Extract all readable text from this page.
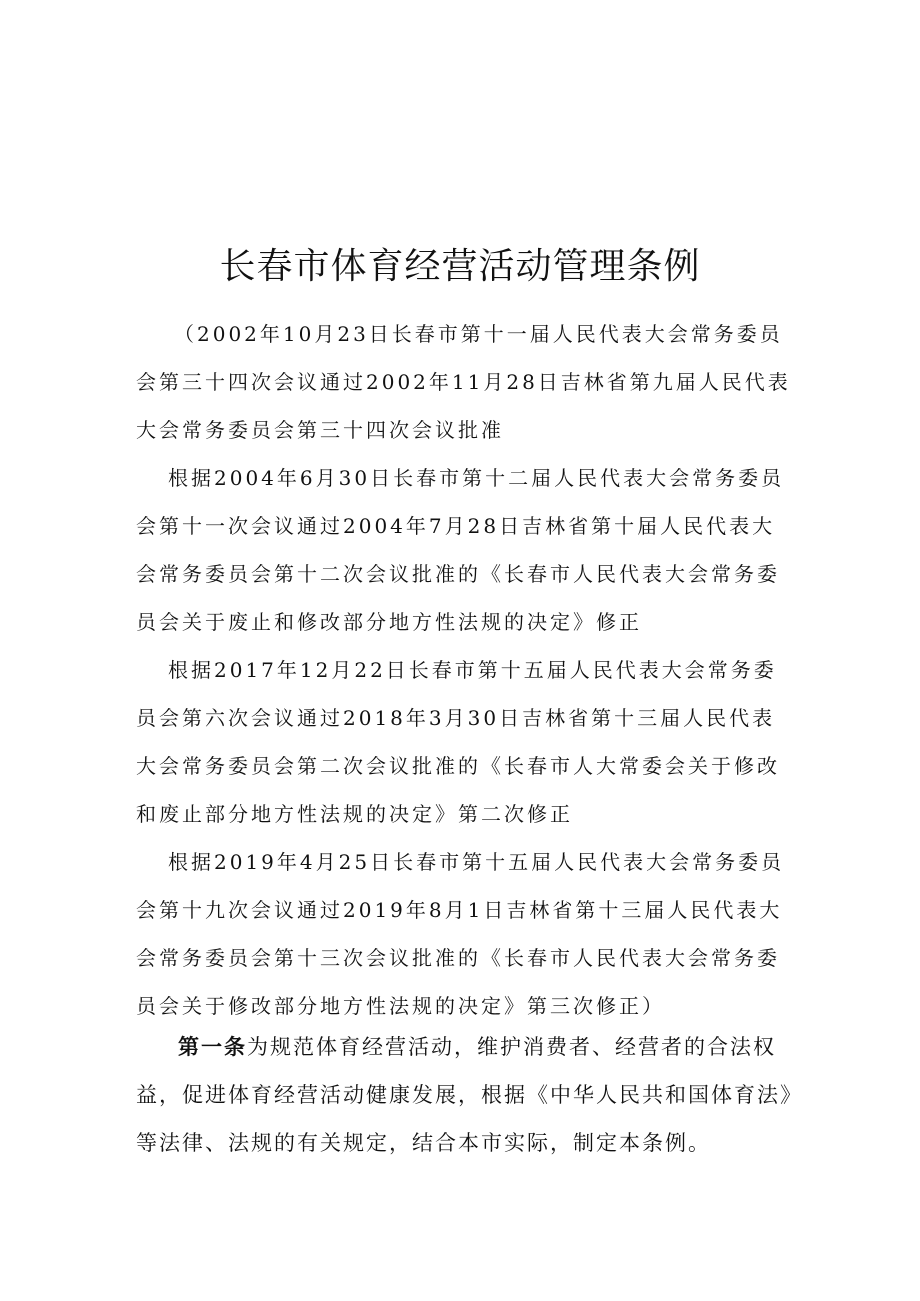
长春市体育经营活动管理条例

（2002年10月23日长春市第十一届人民代表大会常务委员会第三十四次会议通过2002年11月28日吉林省第九届人民代表大会常务委员会第三十四次会议批准

根据2004年6月30日长春市第十二届人民代表大会常务委员会第十一次会议通过2004年7月28日吉林省第十届人民代表大会常务委员会第十二次会议批准的《长春市人民代表大会常务委员会关于废止和修改部分地方性法规的决定》修正

根据2017年12月22日长春市第十五届人民代表大会常务委员会第六次会议通过2018年3月30日吉林省第十三届人民代表大会常务委员会第二次会议批准的《长春市人大常委会关于修改和废止部分地方性法规的决定》第二次修正

根据2019年4月25日长春市第十五届人民代表大会常务委员会第十九次会议通过2019年8月1日吉林省第十三届人民代表大会常务委员会第十三次会议批准的《长春市人民代表大会常务委员会关于修改部分地方性法规的决定》第三次修正）

第一条为规范体育经营活动，维护消费者、经营者的合法权益，促进体育经营活动健康发展，根据《中华人民共和国体育法》等法律、法规的有关规定，结合本市实际，制定本条例。
